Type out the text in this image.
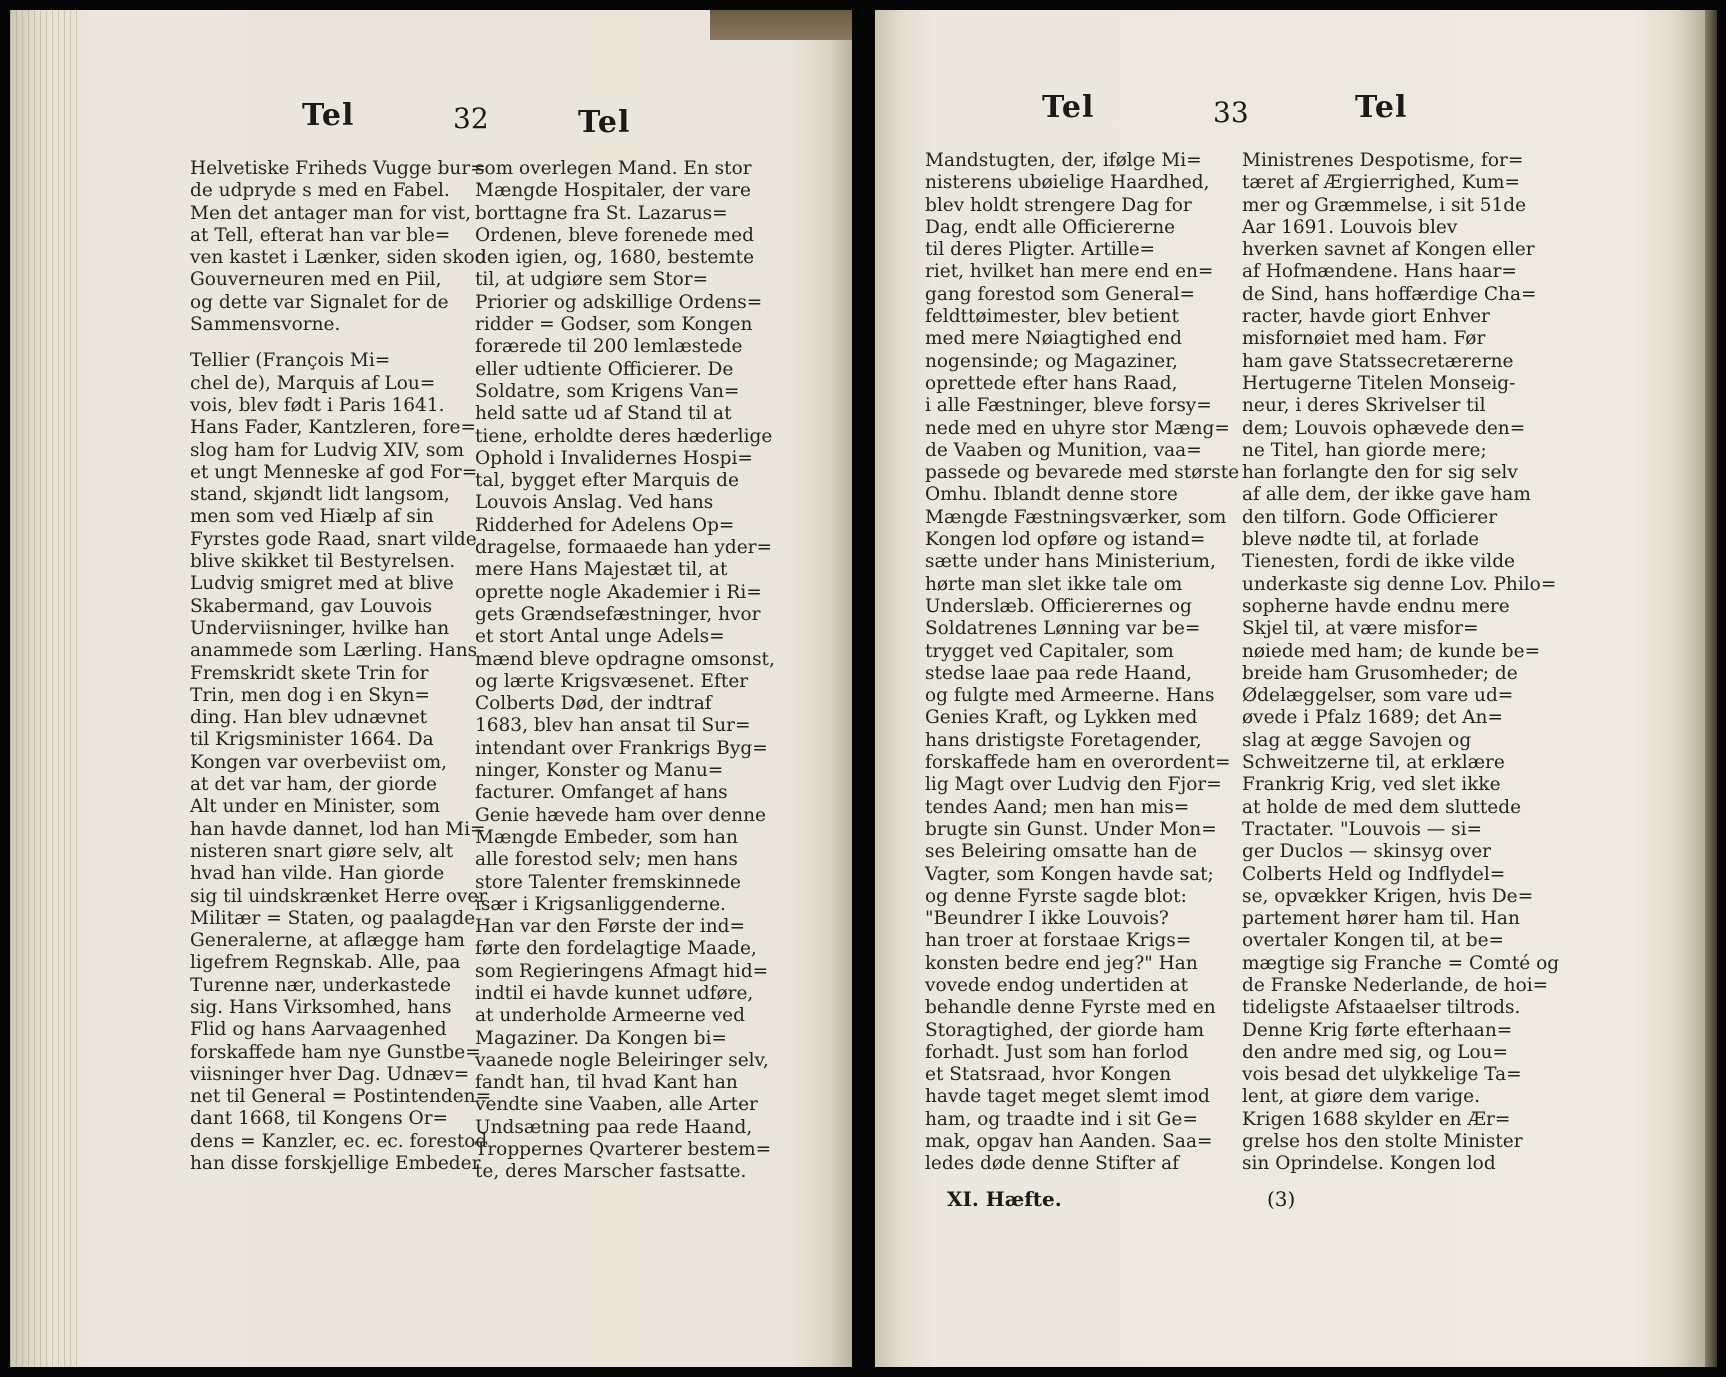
Tel	32	Tel
Helvetiske Friheds Vugge bur=
de udpryde s med en Fabel.
Men det antager man for vist,
at Tell, efterat han var ble=
ven kastet i Lænker, siden skod
Gouverneuren med en Piil,
og dette var Signalet for de
Sammensvorne.
Tellier (François Mi=
chel de), Marquis af Lou=
vois, blev født i Paris 1641.
Hans Fader, Kantzleren, fore=
slog ham for Ludvig XIV, som
et ungt Menneske af god For=
stand, skjøndt lidt langsom,
men som ved Hiælp af sin
Fyrstes gode Raad, snart vilde
blive skikket til Bestyrelsen.
Ludvig smigret med at blive
Skabermand, gav Louvois
Underviisninger, hvilke han
anammede som Lærling. Hans
Fremskridt skete Trin for
Trin, men dog i en Skyn=
ding. Han blev udnævnet
til Krigsminister 1664. Da
Kongen var overbeviist om,
at det var ham, der giorde
Alt under en Minister, som
han havde dannet, lod han Mi=
nisteren snart giøre selv, alt
hvad han vilde. Han giorde
sig til uindskrænket Herre over
Militær = Staten, og paalagde
Generalerne, at aflægge ham
ligefrem Regnskab. Alle, paa
Turenne nær, underkastede
sig. Hans Virksomhed, hans
Flid og hans Aarvaagenhed
forskaffede ham nye Gunstbe=
viisninger hver Dag. Udnæv=
net til General = Postintenden=
dant 1668, til Kongens Or=
dens = Kanzler, ec. ec. forestod
han disse forskjellige Embeder
som overlegen Mand. En stor
Mængde Hospitaler, der vare
borttagne fra St. Lazarus=
Ordenen, bleve forenede med
den igien, og, 1680, bestemte
til, at udgiøre sem Stor=
Priorier og adskillige Ordens=
ridder = Godser, som Kongen
forærede til 200 lemlæstede
eller udtiente Officierer. De
Soldatre, som Krigens Van=
held satte ud af Stand til at
tiene, erholdte deres hæderlige
Ophold i Invalidernes Hospi=
tal, bygget efter Marquis de
Louvois Anslag. Ved hans
Ridderhed for Adelens Op=
dragelse, formaaede han yder=
mere Hans Majestæt til, at
oprette nogle Akademier i Ri=
gets Grændsefæstninger, hvor
et stort Antal unge Adels=
mænd bleve opdragne omsonst,
og lærte Krigsvæsenet. Efter
Colberts Død, der indtraf
1683, blev han ansat til Sur=
intendant over Frankrigs Byg=
ninger, Konster og Manu=
facturer. Omfanget af hans
Genie hævede ham over denne
Mængde Embeder, som han
alle forestod selv; men hans
store Talenter fremskinnede
især i Krigsanliggenderne.
Han var den Første der ind=
førte den fordelagtige Maade,
som Regieringens Afmagt hid=
indtil ei havde kunnet udføre,
at underholde Armeerne ved
Magaziner. Da Kongen bi=
vaanede nogle Beleiringer selv,
fandt han, til hvad Kant han
vendte sine Vaaben, alle Arter
Undsætning paa rede Haand,
Troppernes Qvarterer bestem=
te, deres Marscher fastsatte.
Tel	33	Tel
Mandstugten, der, ifølge Mi=
nisterens ubøielige Haardhed,
blev holdt strengere Dag for
Dag, endt alle Officiererne
til deres Pligter. Artille=
riet, hvilket han mere end en=
gang forestod som General=
feldttøimester, blev betient
med mere Nøiagtighed end
nogensinde; og Magaziner,
oprettede efter hans Raad,
i alle Fæstninger, bleve forsy=
nede med en uhyre stor Mæng=
de Vaaben og Munition, vaa=
passede og bevarede med største
Omhu. Iblandt denne store
Mængde Fæstningsværker, som
Kongen lod opføre og istand=
sætte under hans Ministerium,
hørte man slet ikke tale om
Underslæb. Officierernes og
Soldatrenes Lønning var be=
trygget ved Capitaler, som
stedse laae paa rede Haand,
og fulgte med Armeerne. Hans
Genies Kraft, og Lykken med
hans dristigste Foretagender,
forskaffede ham en overordent=
lig Magt over Ludvig den Fjor=
tendes Aand; men han mis=
brugte sin Gunst. Under Mon=
ses Beleiring omsatte han de
Vagter, som Kongen havde sat;
og denne Fyrste sagde blot:
"Beundrer I ikke Louvois?
han troer at forstaae Krigs=
konsten bedre end jeg?" Han
vovede endog undertiden at
behandle denne Fyrste med en
Storagtighed, der giorde ham
forhadt. Just som han forlod
et Statsraad, hvor Kongen
havde taget meget slemt imod
ham, og traadte ind i sit Ge=
mak, opgav han Aanden. Saa=
ledes døde denne Stifter af
Ministrenes Despotisme, for=
tæret af Ærgierrighed, Kum=
mer og Græmmelse, i sit 51de
Aar 1691. Louvois blev
hverken savnet af Kongen eller
af Hofmændene. Hans haar=
de Sind, hans hoffærdige Cha=
racter, havde giort Enhver
misfornøiet med ham. Før
ham gave Statssecretærerne
Hertugerne Titelen Monseig-
neur, i deres Skrivelser til
dem; Louvois ophævede den=
ne Titel, han giorde mere;
han forlangte den for sig selv
af alle dem, der ikke gave ham
den tilforn. Gode Officierer
bleve nødte til, at forlade
Tienesten, fordi de ikke vilde
underkaste sig denne Lov. Philo=
sopherne havde endnu mere
Skjel til, at være misfor=
nøiede med ham; de kunde be=
breide ham Grusomheder; de
Ødelæggelser, som vare ud=
øvede i Pfalz 1689; det An=
slag at ægge Savojen og
Schweitzerne til, at erklære
Frankrig Krig, ved slet ikke
at holde de med dem sluttede
Tractater. "Louvois — si=
ger Duclos — skinsyg over
Colberts Held og Indflydel=
se, opvækker Krigen, hvis De=
partement hører ham til. Han
overtaler Kongen til, at be=
mægtige sig Franche = Comté og
de Franske Nederlande, de hoi=
tideligste Afstaaelser tiltrods.
Denne Krig førte efterhaan=
den andre med sig, og Lou=
vois besad det ulykkelige Ta=
lent, at giøre dem varige.
Krigen 1688 skylder en Ær=
grelse hos den stolte Minister
sin Oprindelse. Kongen lod
XI. Hæfte.	(3)
